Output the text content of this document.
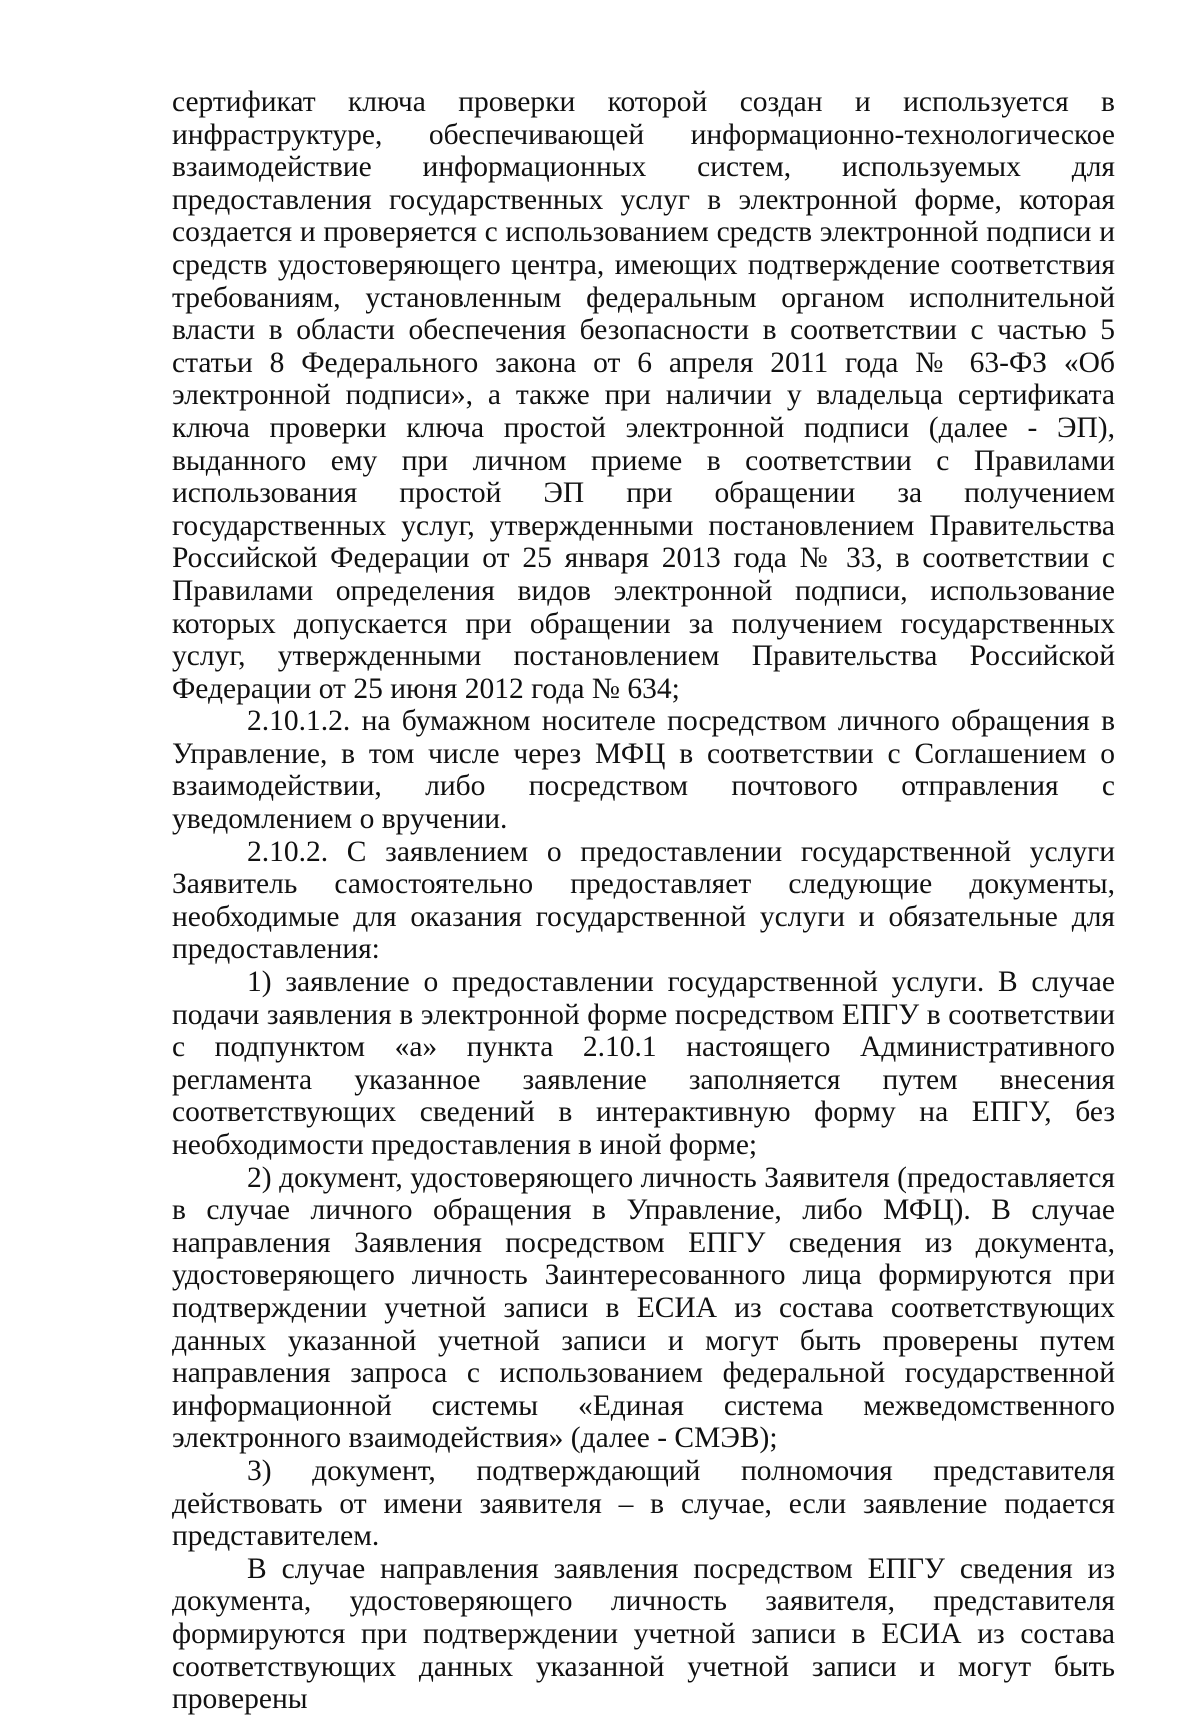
сертификат ключа проверки которой создан и используется в инфраструктуре, обеспечивающей информационно-технологическое взаимодействие информационных систем, используемых для предоставления государственных услуг в электронной форме, которая создается и проверяется с использованием средств электронной подписи и средств удостоверяющего центра, имеющих подтверждение соответствия требованиям, установленным федеральным органом исполнительной власти в области обеспечения безопасности в соответствии с частью 5 статьи 8 Федерального закона от 6 апреля 2011 года № 63-ФЗ «Об электронной подписи», а также при наличии у владельца сертификата ключа проверки ключа простой электронной подписи (далее - ЭП), выданного ему при личном приеме в соответствии с Правилами использования простой ЭП при обращении за получением государственных услуг, утвержденными постановлением Правительства Российской Федерации от 25 января 2013 года № 33, в соответствии с Правилами определения видов электронной подписи, использование которых допускается при обращении за получением государственных услуг, утвержденными постановлением Правительства Российской Федерации от 25 июня 2012 года № 634;

2.10.1.2. на бумажном носителе посредством личного обращения в Управление, в том числе через МФЦ в соответствии с Соглашением о взаимодействии, либо посредством почтового отправления с уведомлением о вручении.

2.10.2. С заявлением о предоставлении государственной услуги Заявитель самостоятельно предоставляет следующие документы, необходимые для оказания государственной услуги и обязательные для предоставления:

1) заявление о предоставлении государственной услуги. В случае подачи заявления в электронной форме посредством ЕПГУ в соответствии с подпунктом «а» пункта 2.10.1 настоящего Административного регламента указанное заявление заполняется путем внесения соответствующих сведений в интерактивную форму на ЕПГУ, без необходимости предоставления в иной форме;

2) документ, удостоверяющего личность Заявителя (предоставляется в случае личного обращения в Управление, либо МФЦ). В случае направления Заявления посредством ЕПГУ сведения из документа, удостоверяющего личность Заинтересованного лица формируются при подтверждении учетной записи в ЕСИА из состава соответствующих данных указанной учетной записи и могут быть проверены путем направления запроса с использованием федеральной государственной информационной системы «Единая система межведомственного электронного взаимодействия» (далее - СМЭВ);

3) документ, подтверждающий полномочия представителя действовать от имени заявителя – в случае, если заявление подается представителем.

В случае направления заявления посредством ЕПГУ сведения из документа, удостоверяющего личность заявителя, представителя формируются при подтверждении учетной записи в ЕСИА из состава соответствующих данных указанной учетной записи и могут быть проверены
